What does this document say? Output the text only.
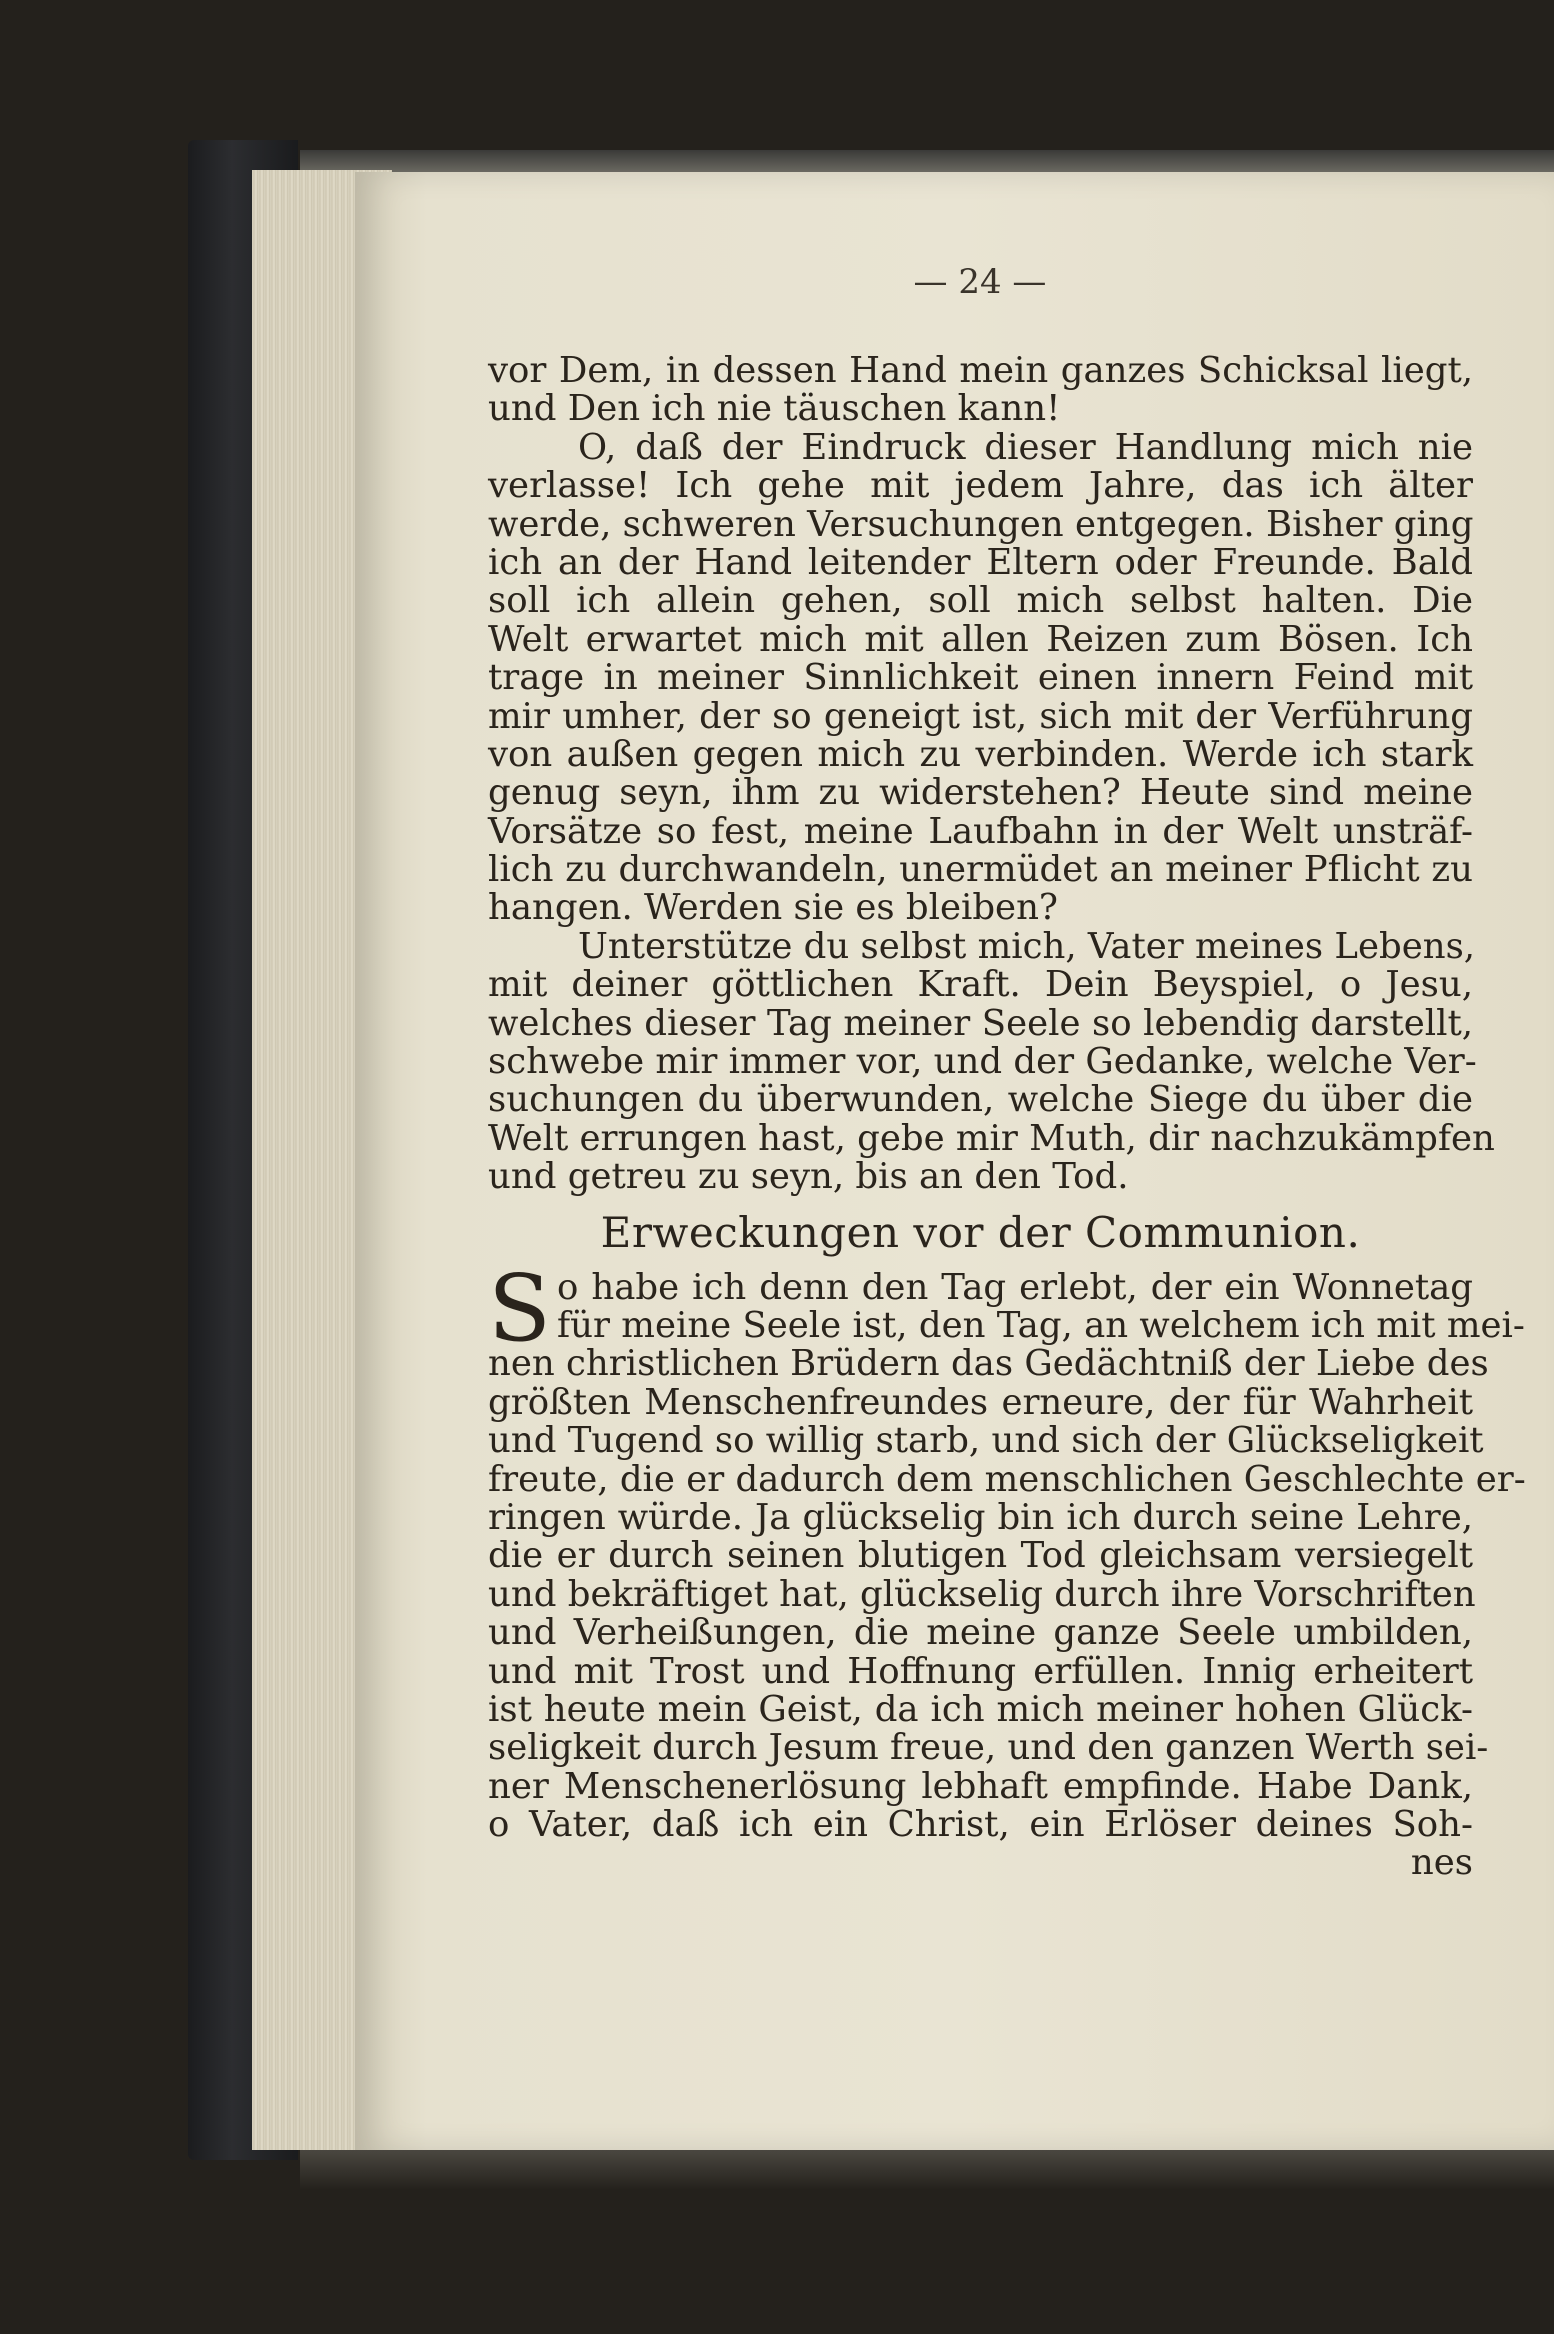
— 24 —
vor Dem, in dessen Hand mein ganzes Schicksal liegt,
und Den ich nie täuschen kann!
O, daß der Eindruck dieser Handlung mich nie
verlasse! Ich gehe mit jedem Jahre, das ich älter
werde, schweren Versuchungen entgegen. Bisher ging
ich an der Hand leitender Eltern oder Freunde. Bald
soll ich allein gehen, soll mich selbst halten. Die
Welt erwartet mich mit allen Reizen zum Bösen. Ich
trage in meiner Sinnlichkeit einen innern Feind mit
mir umher, der so geneigt ist, sich mit der Verführung
von außen gegen mich zu verbinden. Werde ich stark
genug seyn, ihm zu widerstehen? Heute sind meine
Vorsätze so fest, meine Laufbahn in der Welt unsträf-
lich zu durchwandeln, unermüdet an meiner Pflicht zu
hangen. Werden sie es bleiben?
Unterstütze du selbst mich, Vater meines Lebens,
mit deiner göttlichen Kraft. Dein Beyspiel, o Jesu,
welches dieser Tag meiner Seele so lebendig darstellt,
schwebe mir immer vor, und der Gedanke, welche Ver-
suchungen du überwunden, welche Siege du über die
Welt errungen hast, gebe mir Muth, dir nachzukämpfen
und getreu zu seyn, bis an den Tod.
Erweckungen vor der Communion.
S o habe ich denn den Tag erlebt, der ein Wonnetag
für meine Seele ist, den Tag, an welchem ich mit mei-
nen christlichen Brüdern das Gedächtniß der Liebe des
größten Menschenfreundes erneure, der für Wahrheit
und Tugend so willig starb, und sich der Glückseligkeit
freute, die er dadurch dem menschlichen Geschlechte er-
ringen würde. Ja glückselig bin ich durch seine Lehre,
die er durch seinen blutigen Tod gleichsam versiegelt
und bekräftiget hat, glückselig durch ihre Vorschriften
und Verheißungen, die meine ganze Seele umbilden,
und mit Trost und Hoffnung erfüllen. Innig erheitert
ist heute mein Geist, da ich mich meiner hohen Glück-
seligkeit durch Jesum freue, und den ganzen Werth sei-
ner Menschenerlösung lebhaft empfinde. Habe Dank,
o Vater, daß ich ein Christ, ein Erlöser deines Soh-
nes
